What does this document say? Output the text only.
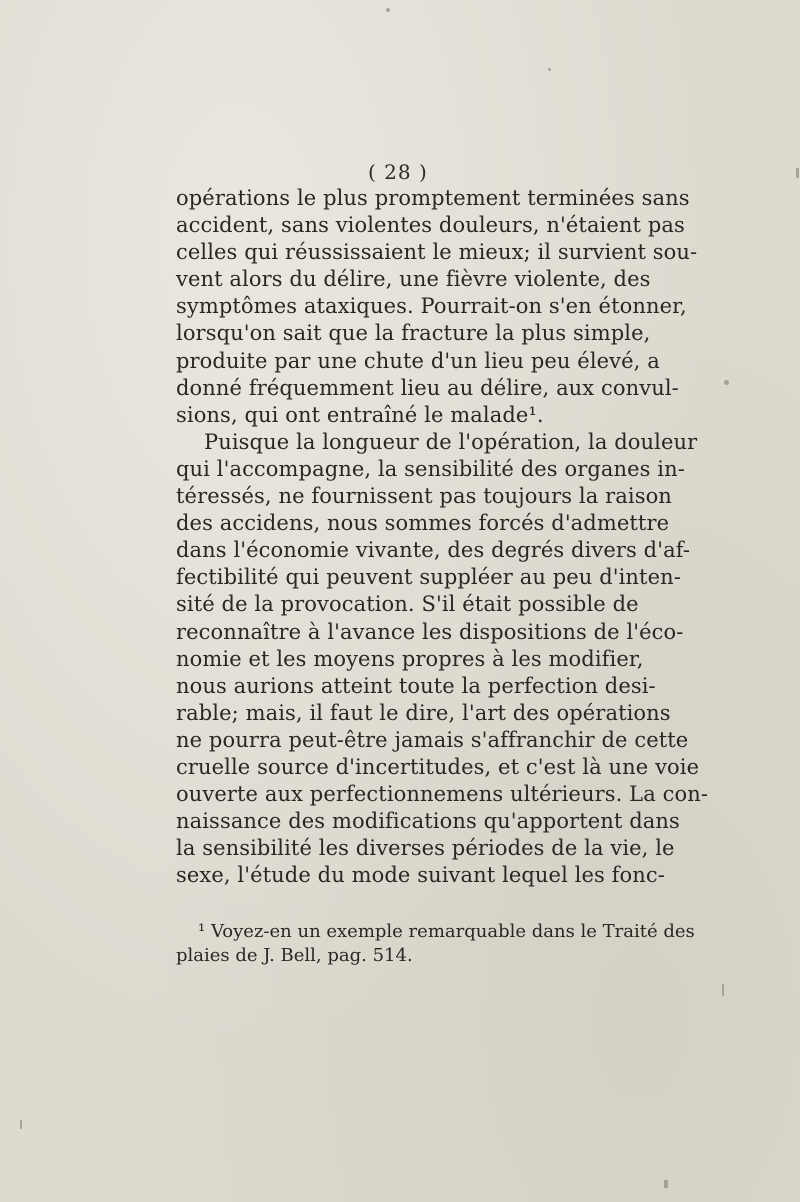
( 28 )
opérations le plus promptement terminées sans
accident, sans violentes douleurs, n'étaient pas
celles qui réussissaient le mieux; il survient sou-
vent alors du délire, une fièvre violente, des
symptômes ataxiques. Pourrait-on s'en étonner,
lorsqu'on sait que la fracture la plus simple,
produite par une chute d'un lieu peu élevé, a
donné fréquemment lieu au délire, aux convul-
sions, qui ont entraîné le malade¹.
Puisque la longueur de l'opération, la douleur
qui l'accompagne, la sensibilité des organes in-
téressés, ne fournissent pas toujours la raison
des accidens, nous sommes forcés d'admettre
dans l'économie vivante, des degrés divers d'af-
fectibilité qui peuvent suppléer au peu d'inten-
sité de la provocation. S'il était possible de
reconnaître à l'avance les dispositions de l'éco-
nomie et les moyens propres à les modifier,
nous aurions atteint toute la perfection desi-
rable; mais, il faut le dire, l'art des opérations
ne pourra peut-être jamais s'affranchir de cette
cruelle source d'incertitudes, et c'est là une voie
ouverte aux perfectionnemens ultérieurs. La con-
naissance des modifications qu'apportent dans
la sensibilité les diverses périodes de la vie, le
sexe, l'étude du mode suivant lequel les fonc-
¹ Voyez-en un exemple remarquable dans le Traité des
plaies de J. Bell, pag. 514.
